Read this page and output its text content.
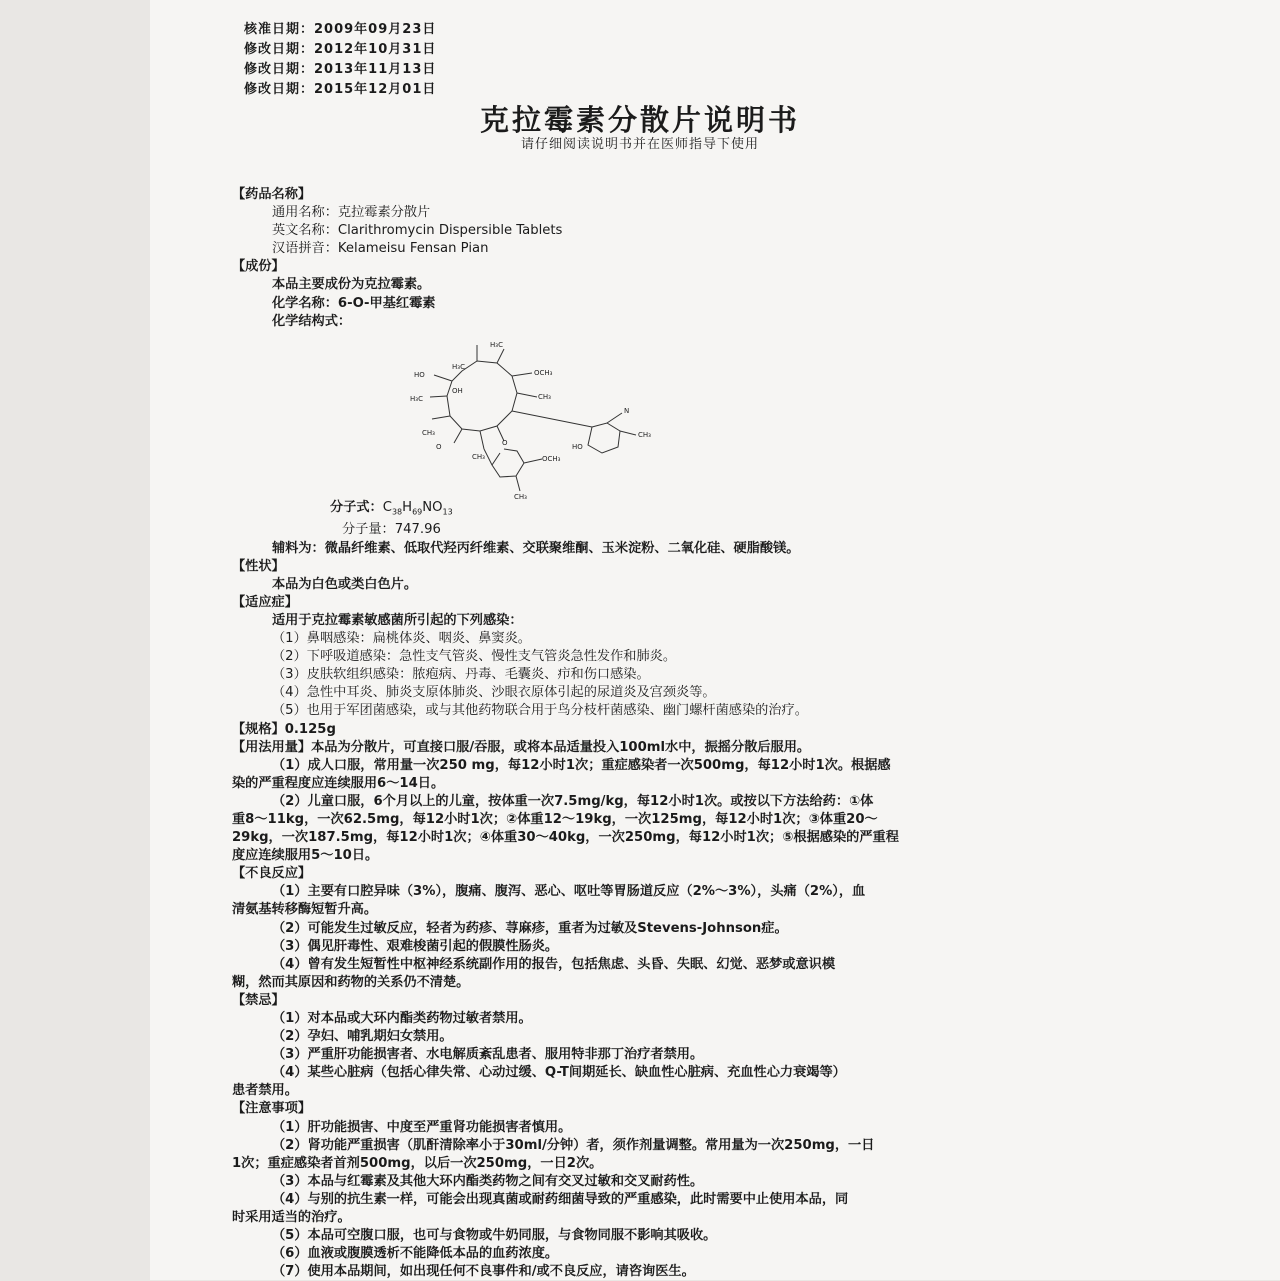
核准日期：2009年09月23日
修改日期：2012年10月31日
修改日期：2013年11月13日
修改日期：2015年12月01日
克拉霉素分散片说明书
请仔细阅读说明书并在医师指导下使用
【药品名称】
通用名称：克拉霉素分散片
英文名称：Clarithromycin Dispersible Tablets
汉语拼音：Kelameisu Fensan Pian
【成份】
本品主要成份为克拉霉素。
化学名称：6-O-甲基红霉素
化学结构式：
H₃C
H₃C
HO
OH
OCH₃
CH₃
H₃C
N
HO
CH₃
CH₃
OCH₃
CH₃
CH₃
O
O
分子式：$C_{38}H_{69}NO_{13}$
分子量：747.96
辅料为：微晶纤维素、低取代羟丙纤维素、交联聚维酮、玉米淀粉、二氧化硅、硬脂酸镁。
【性状】
本品为白色或类白色片。
【适应症】
适用于克拉霉素敏感菌所引起的下列感染：
（1）鼻咽感染：扁桃体炎、咽炎、鼻窦炎。
（2）下呼吸道感染：急性支气管炎、慢性支气管炎急性发作和肺炎。
（3）皮肤软组织感染：脓疱病、丹毒、毛囊炎、疖和伤口感染。
（4）急性中耳炎、肺炎支原体肺炎、沙眼衣原体引起的尿道炎及宫颈炎等。
（5）也用于军团菌感染，或与其他药物联合用于鸟分枝杆菌感染、幽门螺杆菌感染的治疗。
【规格】0.125g
【用法用量】本品为分散片，可直接口服/吞服，或将本品适量投入100ml水中，振摇分散后服用。
（1）成人口服，常用量一次250 mg，每12小时1次；重症感染者一次500mg，每12小时1次。根据感
染的严重程度应连续服用6～14日。
（2）儿童口服，6个月以上的儿童，按体重一次7.5mg/kg，每12小时1次。或按以下方法给药：①体
重8～11kg，一次62.5mg，每12小时1次；②体重12～19kg，一次125mg，每12小时1次；③体重20～
29kg，一次187.5mg，每12小时1次；④体重30～40kg，一次250mg，每12小时1次；⑤根据感染的严重程
度应连续服用5～10日。
【不良反应】
（1）主要有口腔异味（3%），腹痛、腹泻、恶心、呕吐等胃肠道反应（2%～3%），头痛（2%），血
清氨基转移酶短暂升高。
（2）可能发生过敏反应，轻者为药疹、荨麻疹，重者为过敏及Stevens-Johnson症。
（3）偶见肝毒性、艰难梭菌引起的假膜性肠炎。
（4）曾有发生短暂性中枢神经系统副作用的报告，包括焦虑、头昏、失眠、幻觉、恶梦或意识模
糊，然而其原因和药物的关系仍不清楚。
【禁忌】
（1）对本品或大环内酯类药物过敏者禁用。
（2）孕妇、哺乳期妇女禁用。
（3）严重肝功能损害者、水电解质紊乱患者、服用特非那丁治疗者禁用。
（4）某些心脏病（包括心律失常、心动过缓、Q-T间期延长、缺血性心脏病、充血性心力衰竭等）
患者禁用。
【注意事项】
（1）肝功能损害、中度至严重肾功能损害者慎用。
（2）肾功能严重损害（肌酐清除率小于30ml/分钟）者，须作剂量调整。常用量为一次250mg，一日
1次；重症感染者首剂500mg，以后一次250mg，一日2次。
（3）本品与红霉素及其他大环内酯类药物之间有交叉过敏和交叉耐药性。
（4）与别的抗生素一样，可能会出现真菌或耐药细菌导致的严重感染，此时需要中止使用本品，同
时采用适当的治疗。
（5）本品可空腹口服，也可与食物或牛奶同服，与食物同服不影响其吸收。
（6）血液或腹膜透析不能降低本品的血药浓度。
（7）使用本品期间，如出现任何不良事件和/或不良反应，请咨询医生。
